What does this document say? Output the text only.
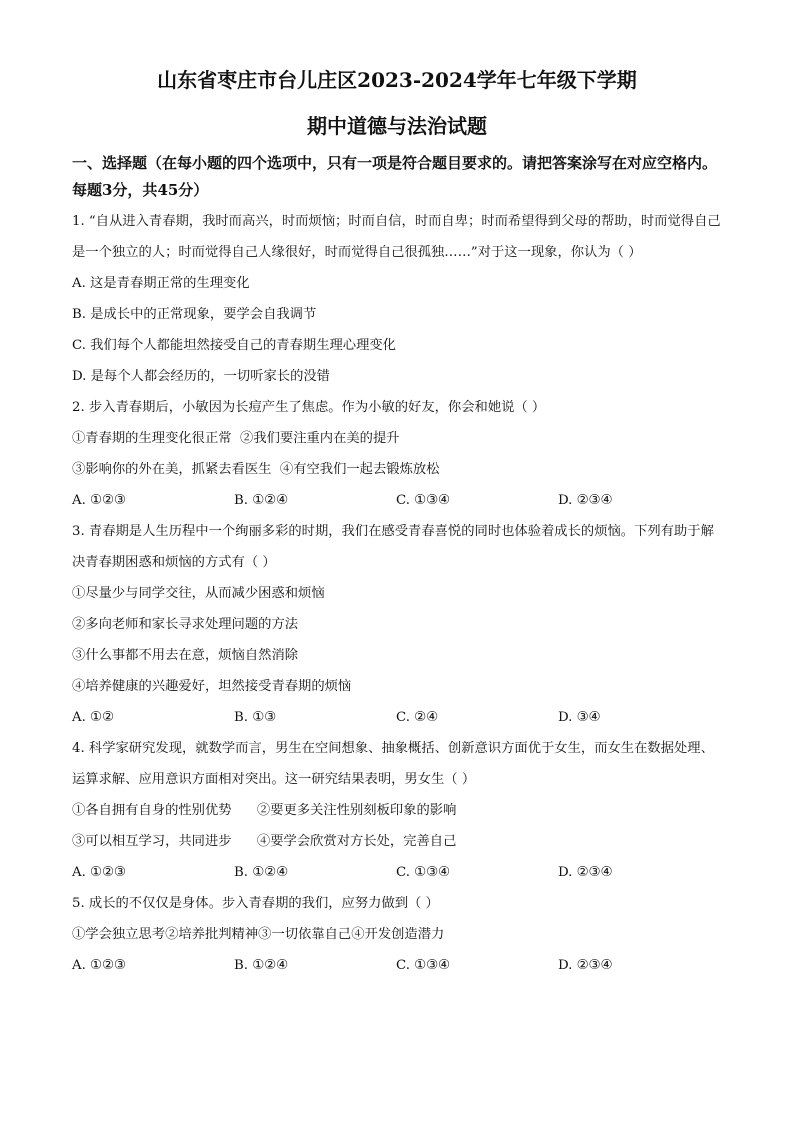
山东省枣庄市台儿庄区2023-2024学年七年级下学期
期中道德与法治试题
一、选择题（在每小题的四个选项中，只有一项是符合题目要求的。请把答案涂写在对应空格内。每题3分，共45分）
1. “自从进入青春期，我时而高兴，时而烦恼；时而自信，时而自卑；时而希望得到父母的帮助，时而觉得自己是一个独立的人；时而觉得自己人缘很好，时而觉得自己很孤独……”对于这一现象，你认为（ ）
A. 这是青春期正常的生理变化
B. 是成长中的正常现象，要学会自我调节
C. 我们每个人都能坦然接受自己的青春期生理心理变化
D. 是每个人都会经历的，一切听家长的没错
2. 步入青春期后，小敏因为长痘产生了焦虑。作为小敏的好友，你会和她说（ ）
①青春期的生理变化很正常  ②我们要注重内在美的提升
③影响你的外在美，抓紧去看医生  ④有空我们一起去锻炼放松
A. ①②③	B. ①②④	C. ①③④	D. ②③④
3. 青春期是人生历程中一个绚丽多彩的时期，我们在感受青春喜悦的同时也体验着成长的烦恼。下列有助于解决青春期困惑和烦恼的方式有（ ）
①尽量少与同学交往，从而减少困惑和烦恼
②多向老师和家长寻求处理问题的方法
③什么事都不用去在意，烦恼自然消除
④培养健康的兴趣爱好，坦然接受青春期的烦恼
A. ①②	B. ①③	C. ②④	D. ③④
4. 科学家研究发现，就数学而言，男生在空间想象、抽象概括、创新意识方面优于女生，而女生在数据处理、运算求解、应用意识方面相对突出。这一研究结果表明，男女生（ ）
①各自拥有自身的性别优势      ②要更多关注性别刻板印象的影响
③可以相互学习，共同进步      ④要学会欣赏对方长处，完善自己
A. ①②③	B. ①②④	C. ①③④	D. ②③④
5. 成长的不仅仅是身体。步入青春期的我们，应努力做到（ ）
①学会独立思考②培养批判精神③一切依靠自己④开发创造潜力
A. ①②③	B. ①②④	C. ①③④	D. ②③④
